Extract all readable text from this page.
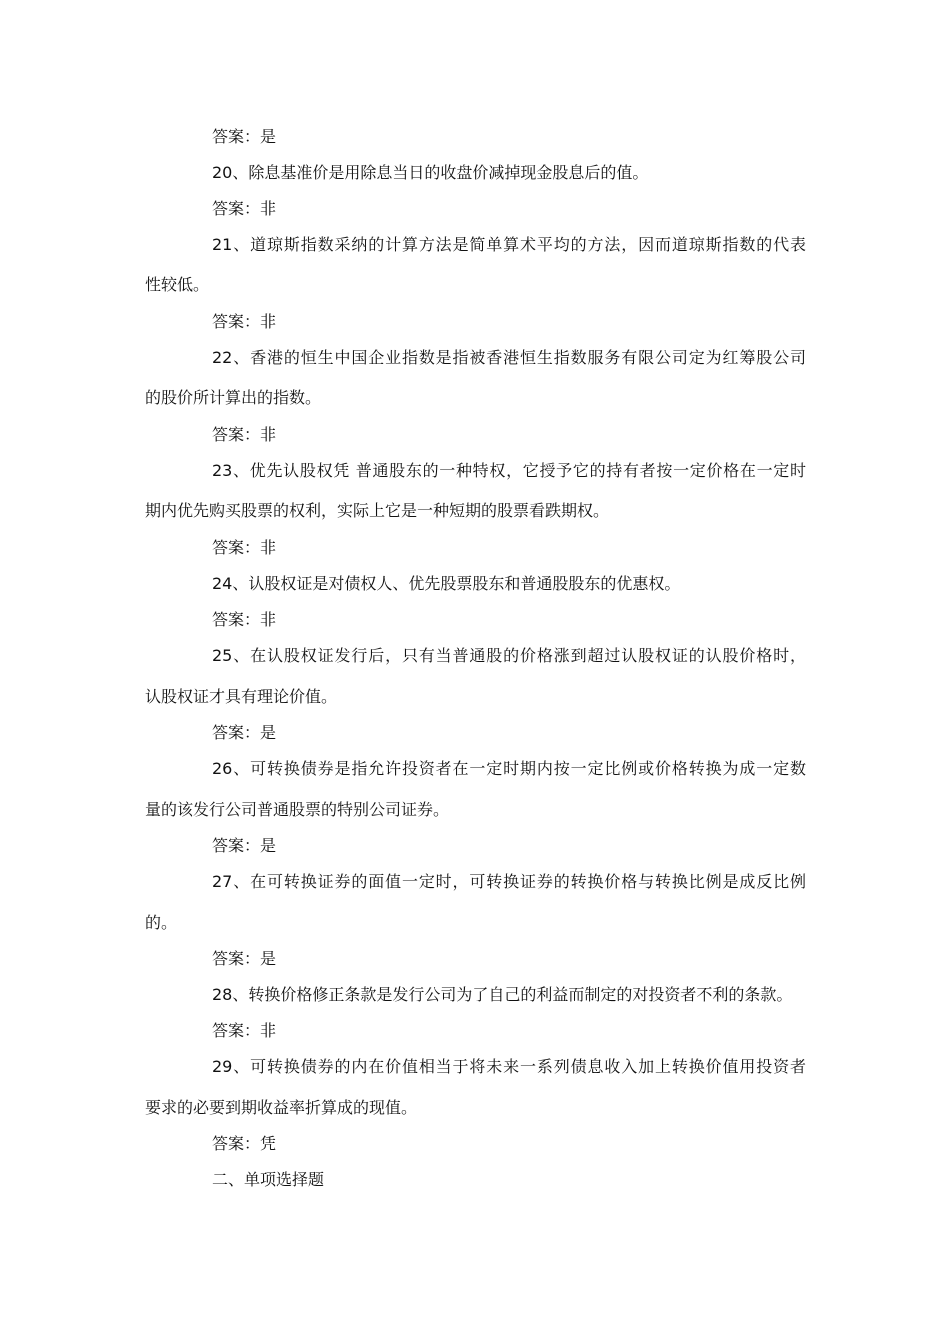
答案：是
20、除息基准价是用除息当日的收盘价减掉现金股息后的值。
答案：非
21、道琼斯指数采纳的计算方法是简单算术平均的方法，因而道琼斯指数的代表
性较低。
答案：非
22、香港的恒生中国企业指数是指被香港恒生指数服务有限公司定为红筹股公司
的股价所计算出的指数。
答案：非
23、优先认股权凭 普通股东的一种特权，它授予它的持有者按一定价格在一定时
期内优先购买股票的权利，实际上它是一种短期的股票看跌期权。
答案：非
24、认股权证是对债权人、优先股票股东和普通股股东的优惠权。
答案：非
25、在认股权证发行后，只有当普通股的价格涨到超过认股权证的认股价格时，
认股权证才具有理论价值。
答案：是
26、可转换债券是指允许投资者在一定时期内按一定比例或价格转换为成一定数
量的该发行公司普通股票的特别公司证券。
答案：是
27、在可转换证券的面值一定时，可转换证券的转换价格与转换比例是成反比例
的。
答案：是
28、转换价格修正条款是发行公司为了自己的利益而制定的对投资者不利的条款。
答案：非
29、可转换债券的内在价值相当于将未来一系列债息收入加上转换价值用投资者
要求的必要到期收益率折算成的现值。
答案：凭
二、单项选择题
